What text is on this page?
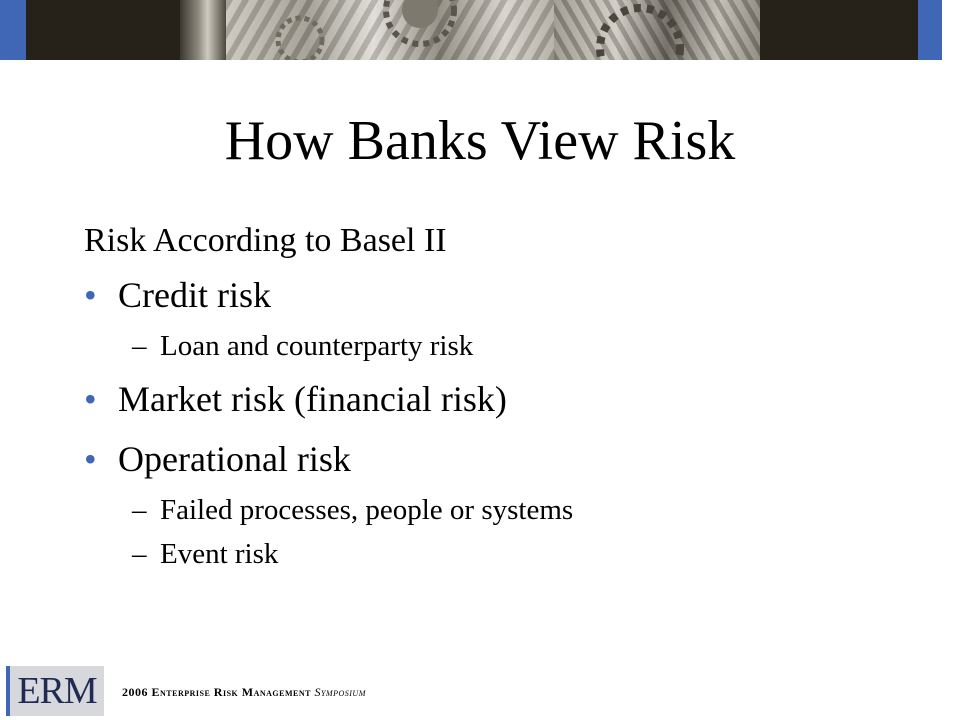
How Banks View Risk
Risk According to Basel II
• Credit risk
– Loan and counterparty risk
• Market risk (financial risk)
• Operational risk
– Failed processes, people or systems
– Event risk
ERM	2006 Enterprise Risk Management Symposium
